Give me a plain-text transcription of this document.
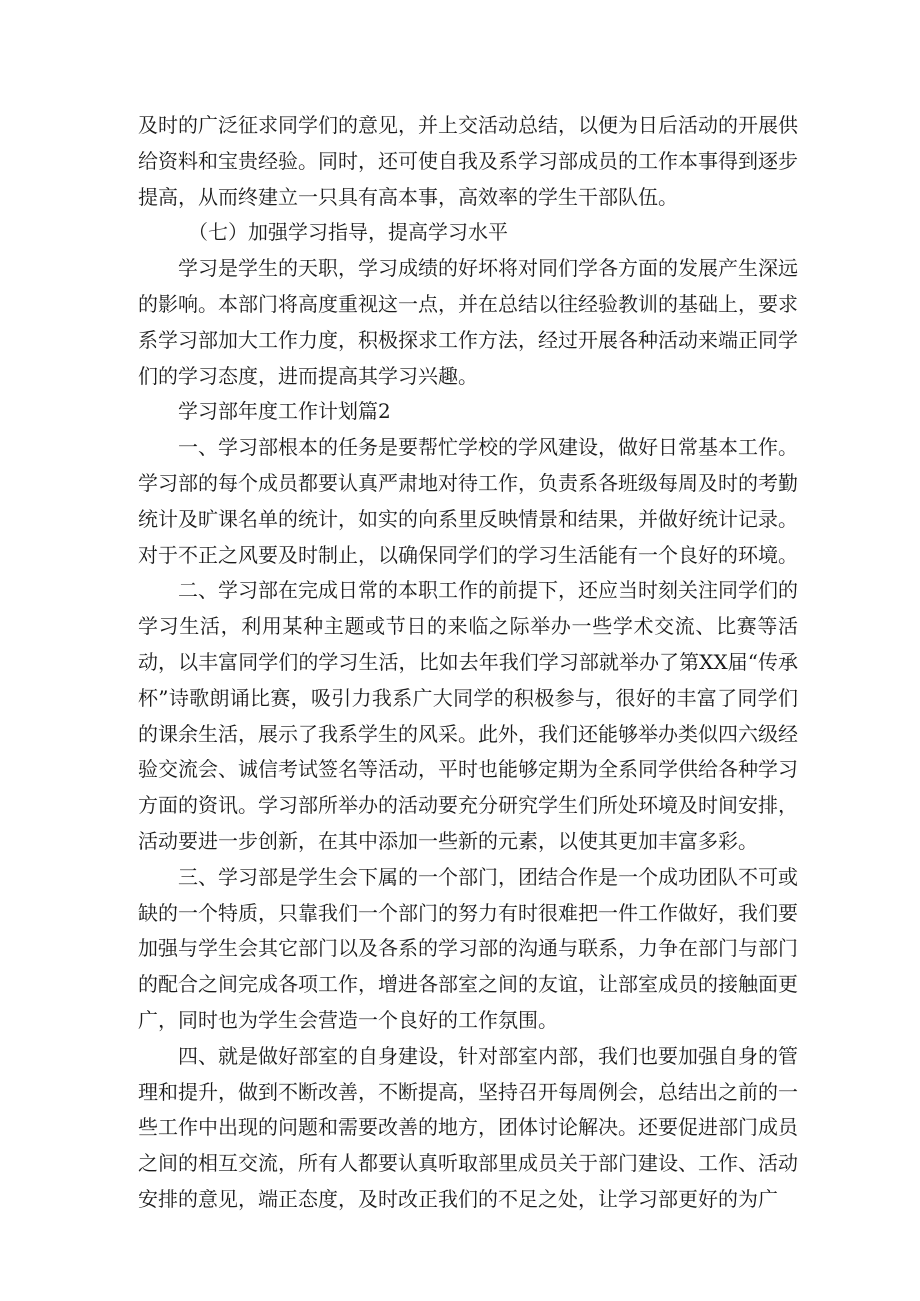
及时的广泛征求同学们的意见，并上交活动总结，以便为日后活动的开展供给资料和宝贵经验。同时，还可使自我及系学习部成员的工作本事得到逐步提高，从而终建立一只具有高本事，高效率的学生干部队伍。

（七）加强学习指导，提高学习水平

学习是学生的天职，学习成绩的好坏将对同们学各方面的发展产生深远的影响。本部门将高度重视这一点，并在总结以往经验教训的基础上，要求系学习部加大工作力度，积极探求工作方法，经过开展各种活动来端正同学们的学习态度，进而提高其学习兴趣。

学习部年度工作计划篇2

一、学习部根本的任务是要帮忙学校的学风建设，做好日常基本工作。学习部的每个成员都要认真严肃地对待工作，负责系各班级每周及时的考勤统计及旷课名单的统计，如实的向系里反映情景和结果，并做好统计记录。对于不正之风要及时制止，以确保同学们的学习生活能有一个良好的环境。

二、学习部在完成日常的本职工作的前提下，还应当时刻关注同学们的学习生活，利用某种主题或节日的来临之际举办一些学术交流、比赛等活动，以丰富同学们的学习生活，比如去年我们学习部就举办了第XX届“传承杯”诗歌朗诵比赛，吸引力我系广大同学的积极参与，很好的丰富了同学们的课余生活，展示了我系学生的风采。此外，我们还能够举办类似四六级经验交流会、诚信考试签名等活动，平时也能够定期为全系同学供给各种学习方面的资讯。学习部所举办的活动要充分研究学生们所处环境及时间安排，活动要进一步创新，在其中添加一些新的元素，以使其更加丰富多彩。

三、学习部是学生会下属的一个部门，团结合作是一个成功团队不可或缺的一个特质，只靠我们一个部门的努力有时很难把一件工作做好，我们要加强与学生会其它部门以及各系的学习部的沟通与联系，力争在部门与部门的配合之间完成各项工作，增进各部室之间的友谊，让部室成员的接触面更广，同时也为学生会营造一个良好的工作氛围。

四、就是做好部室的自身建设，针对部室内部，我们也要加强自身的管理和提升，做到不断改善，不断提高，坚持召开每周例会，总结出之前的一些工作中出现的问题和需要改善的地方，团体讨论解决。还要促进部门成员之间的相互交流，所有人都要认真听取部里成员关于部门建设、工作、活动安排的意见，端正态度，及时改正我们的不足之处，让学习部更好的为广
